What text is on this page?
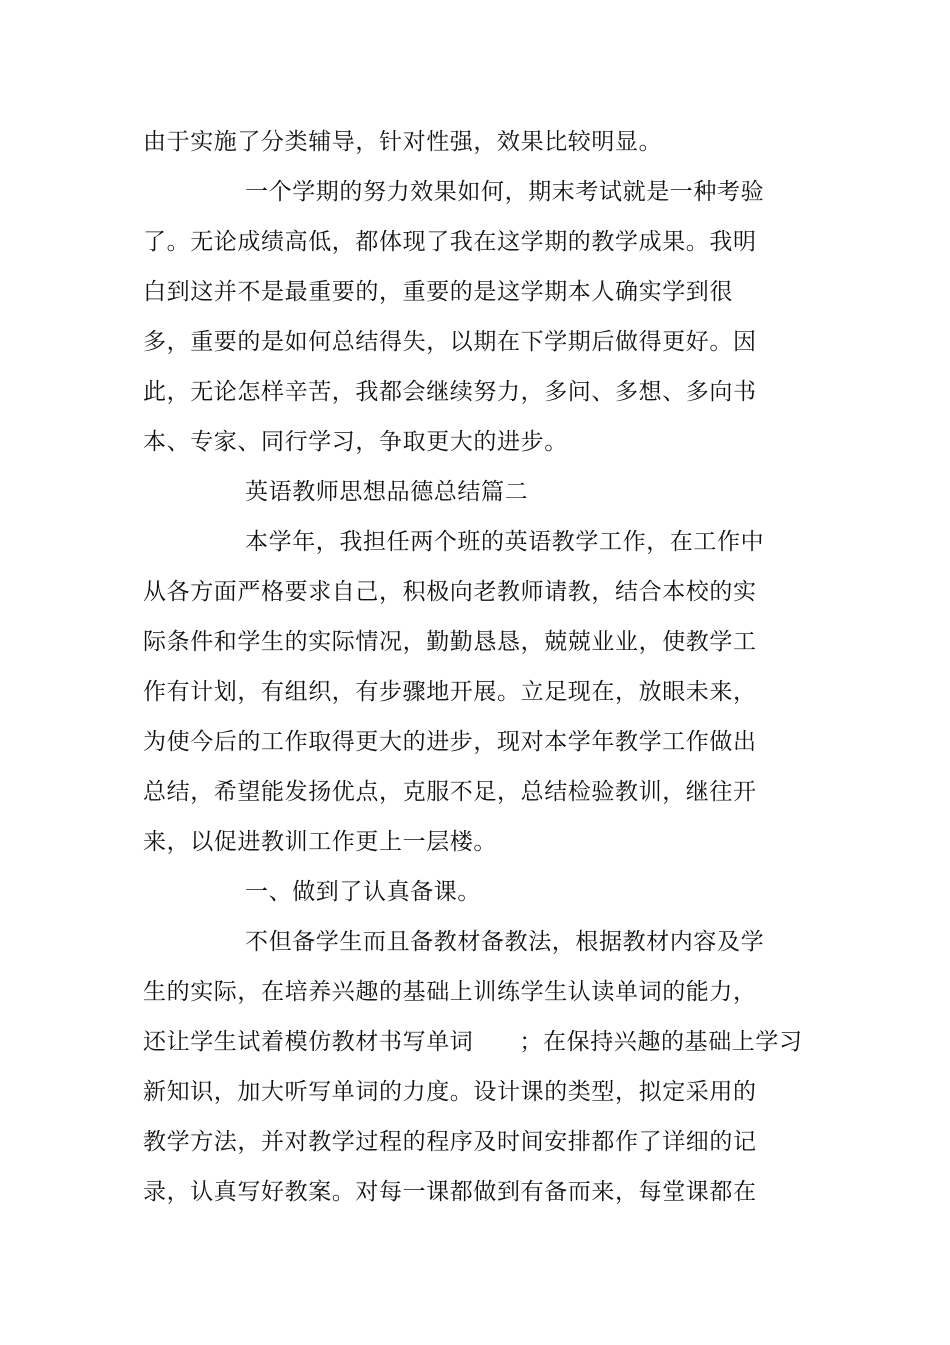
由于实施了分类辅导，针对性强，效果比较明显。
一个学期的努力效果如何，期末考试就是一种考验
了。无论成绩高低，都体现了我在这学期的教学成果。我明
白到这并不是最重要的，重要的是这学期本人确实学到很
多，重要的是如何总结得失，以期在下学期后做得更好。因
此，无论怎样辛苦，我都会继续努力，多问、多想、多向书
本、专家、同行学习，争取更大的进步。
英语教师思想品德总结篇二
本学年，我担任两个班的英语教学工作，在工作中
从各方面严格要求自己，积极向老教师请教，结合本校的实
际条件和学生的实际情况，勤勤恳恳，兢兢业业，使教学工
作有计划，有组织，有步骤地开展。立足现在，放眼未来，
为使今后的工作取得更大的进步，现对本学年教学工作做出
总结，希望能发扬优点，克服不足，总结检验教训，继往开
来，以促进教训工作更上一层楼。
一、做到了认真备课。
不但备学生而且备教材备教法，根据教材内容及学
生的实际，在培养兴趣的基础上训练学生认读单词的能力，
还让学生试着模仿教材书写单词 ；在保持兴趣的基础上学习
新知识，加大听写单词的力度。设计课的类型，拟定采用的
教学方法，并对教学过程的程序及时间安排都作了详细的记
录，认真写好教案。对每一课都做到有备而来，每堂课都在
